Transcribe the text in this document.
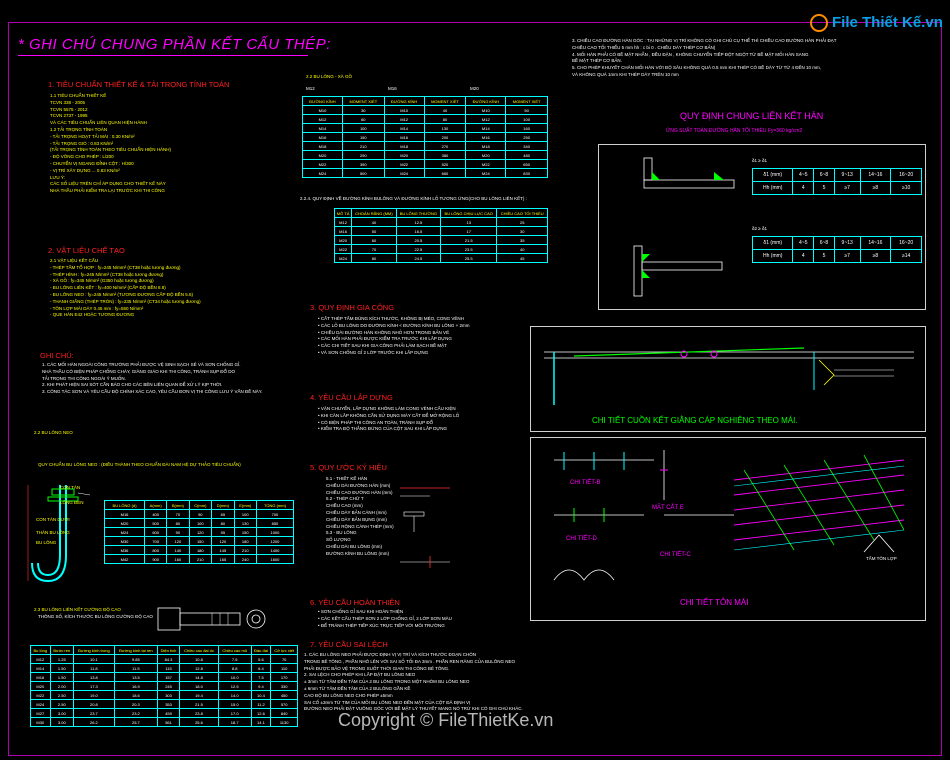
File Thiết Kế.vn
* GHI CHÚ CHUNG PHẦN KẾT CẤU THÉP:
1. TIÊU CHUẨN THIẾT KẾ & TẢI TRỌNG TÍNH TOÁN
1.1 TIÊU CHUẨN THIẾT KẾ
TCVN 338 - 2005
TCVN 5575 - 2012
TCVN 2737 - 1995
VÀ CÁC TIÊU CHUẨN LIÊN QUAN HIỆN HÀNH
1.2 TẢI TRỌNG TÍNH TOÁN
- TẢI TRỌNG HOẠT TẢI MÁI : 0.30 KN/m²
- TẢI TRỌNG GIÓ : 0.83 KN/m²
(TẢI TRỌNG TÍNH TOÁN THEO TIÊU CHUẨN HIỆN HÀNH)
- ĐỘ VÕNG CHO PHÉP : L/200
- CHUYỂN VỊ NGANG ĐỈNH CỘT : H/300
- VỊ TRÍ XÂY DỰNG ... 0.83 KN/m²
LƯU Ý:
CÁC SỐ LIỆU TRÊN CHỈ ÁP DỤNG CHO THIẾT KẾ NÀY
NHÀ THẦU PHẢI KIỂM TRA LẠI TRƯỚC KHI THI CÔNG
2. VẬT LIỆU CHẾ TẠO
2.1 VẬT LIỆU KẾT CẤU
- THÉP TẤM TỔ HỢP : fy=245 N/mm² (CT38 hoặc tương đương)
- THÉP HÌNH : fy=245 N/mm² (CT38 hoặc tương đương)
- XÀ GỒ : fy=345 N/mm² (G350 hoặc tương đương)
- BU LÔNG LIÊN KẾT : fy=400 N/mm² (CẤP ĐỘ BỀN 8.8)
- BU LÔNG NEO : fy=245 N/mm² (TƯƠNG ĐƯƠNG CẤP ĐỘ BỀN 5.6)
- THANH GIẰNG (THÉP TRÒN) : fy=235 N/mm² (CT34 hoặc tương đương)
- TÔN LỢP MÁI DÀY 0.45 mm : fy=550 N/mm²
- QUE HÀN E42 HOẶC TƯƠNG ĐƯƠNG
GHI CHÚ:
1. CÁC MỐI HÀN NGOÀI CÔNG TRƯỜNG PHẢI ĐƯỢC VỆ SINH SẠCH SẼ VÀ SƠN CHỐNG GỈ.
NHÀ THẦU CÓ BIỆN PHÁP CHỐNG CHÁY, GIÀNG GIÁO KHI THI CÔNG, TRÁNH SỤP ĐỔ DO
TẢI TRỌNG THI CÔNG NGOÀI Ý MUỐN.
2. KHI PHÁT HIỆN SAI SÓT CẦN BÁO CHO CÁC BÊN LIÊN QUAN ĐỂ XỬ LÝ KỊP THỜI.
3. CÔNG TÁC SƠN VÀ YÊU CẦU ĐỘ CHÍNH XÁC CAO, YÊU CẦU ĐƠN VỊ THI CÔNG LƯU Ý VẤN ĐỀ NÀY.
2.2 BU LÔNG NEO
QUY CHUẨN BU LÔNG NEO : (ĐIỀU THÀNH THEO CHUẨN ĐÀI NAM HỆ DỰ THẢO TIÊU CHUẨN)
CON TÁN
LÔNG ĐEN
CON TÁN DƯỚI
THÂN BU LÔNG
BU LÔNG
BU LÔNG (d)	A(mm)	B(mm)	C(mm)	D(mm)	E(mm)	TỔNG (mm)
M16	400	70	90	65	100	700
M20	500	80	100	80	130	850
M24	600	90	120	95	150	1000
M30	700	120	150	120	180	1200
M36	800	140	180	145	210	1400
M42	900	160	210	165	240	1600
2.3 BU LÔNG LIÊN KẾT CƯỜNG ĐỘ CAO
THÔNG SỐ, KÍCH THƯỚC BU LÔNG CƯỜNG ĐỘ CAO
Bu lông	Bước ren	Đường kính trong	Đường kính tại ren	Diện tích	Chiều cao đai ốc	Chiều cao mũ	Đầu đai	Cỡ lực xiết
M12	1.25	10.1	9.85	84.3	10.8	7.5	5.6	70
M14	1.50	11.8	11.5	115	12.8	8.8	6.4	110
M16	1.50	13.8	13.5	157	14.8	10.0	7.5	170
M20	2.00	17.3	16.9	245	18.0	12.5	9.4	330
M22	2.50	19.0	18.6	303	19.4	14.0	10.4	450
M24	2.50	20.8	20.3	353	21.5	15.0	11.2	570
M27	3.00	23.7	23.2	459	23.8	17.0	12.6	840
M30	3.00	26.2	25.7	561	25.6	18.7	14.1	1130
2.2 BU LÔNG - XÀ GỒ
M12	M16	M20
ĐƯỜNG KÍNH	MOMENT XIẾT	ĐƯỜNG KÍNH	MOMENT XIẾT	ĐƯỜNG KÍNH	MOMENT XIẾT
M10	30	M10	40	M10	50
M12	60	M12	80	M12	100
M14	100	M14	130	M14	160
M16	150	M16	200	M16	250
M18	210	M18	270	M18	340
M20	290	M20	380	M20	480
M22	390	M22	520	M22	650
M24	500	M24	660	M24	830
2.2.4. QUY ĐỊNH VỀ ĐƯỜNG KÍNH BULÔNG VÀ ĐƯỜNG KÍNH LỖ TƯƠNG ỨNG(CHO BU LÔNG LIÊN KẾT) :
MÔ TẢ	CHOÁN RĂNG (MM)	BU LÔNG THƯỜNG	BU LÔNG CHỊU LỰC CAO	CHIỀU CAO TỐI THIỂU
M12	40	12.5	13	25
M16	50	16.5	17	30
M20	60	20.5	21.5	35
M22	70	22.5	23.5	40
M24	80	24.5	25.5	45
3. QUY ĐỊNH GIA CÔNG
• CẮT THÉP TẤM ĐÚNG KÍCH THƯỚC, KHÔNG BỊ MÉO, CONG VÊNH
• CÁC LỖ BU LÔNG DO ĐƯỜNG KÍNH < ĐƯỜNG KÍNH BU LÔNG + 2mm
• CHIỀU DÀI ĐƯỜNG HÀN KHÔNG NHỎ HƠN TRONG BẢN VẼ
• CÁC MỐI HÀN PHẢI ĐƯỢC KIỂM TRA TRƯỚC KHI LẮP DỰNG
• CÁC CHI TIẾT SAU KHI GIA CÔNG PHẢI LÀM SẠCH BỀ MẶT
• VÀ SƠN CHỐNG GỈ 2 LỚP TRƯỚC KHI LẮP DỰNG
4. YÊU CẦU LẮP DỰNG
• VẬN CHUYỂN, LẮP DỰNG KHÔNG LÀM CONG VÊNH CẤU KIỆN
• KHI CĂN LẮP KHÔNG CẦN SỬ DỤNG MÁY CẮT ĐỂ MỞ RỘNG LỖ
• CÓ BIỆN PHÁP THI CÔNG AN TOÀN, TRÁNH SỤP ĐỔ
• KIỂM TRA ĐỘ THẲNG ĐỨNG CỦA CỘT SAU KHI LẮP DỰNG
5. QUY ƯỚC KÝ HIỆU
5.1 - THIẾT KẾ HÀN
CHIỀU DÀI ĐƯỜNG HÀN (mm)
CHIỀU CAO ĐƯỜNG HÀN (mm)
5.2 - THÉP CHỮ T
CHIỀU CAO (mm)
CHIỀU DÀY BẢN CÁNH (mm)
CHIỀU DÀY BẢN BỤNG (mm)
CHIỀU RỘNG CÁNH THÉP (mm)
5.3 - BU LÔNG
SỐ LƯỢNG
CHIỀU DÀI BU LÔNG (mm)
ĐƯỜNG KÍNH BU LÔNG (mm)
6. YÊU CẦU HOÀN THIỆN
• SƠN CHỐNG GỈ SAU KHI HOÀN THIỆN
• CÁC KẾT CẤU THÉP SƠN 2 LỚP CHỐNG GỈ, 2 LỚP SƠN MÀU
• ĐỂ TRÁNH THÉP TIẾP XÚC TRỰC TIẾP VỚI MÔI TRƯỜNG
7. YÊU CẦU SAI LỆCH
1. CÁC BU LÔNG NEO PHẢI ĐƯỢC ĐỊNH VỊ VỊ TRÍ VÀ KÍCH THƯỚC ĐOẠN CHÔN
TRONG BÊ TÔNG , PHẦN NHÔ LÊN VỚI SAI SỐ TỐI ĐA 3mm . PHẦN REN RĂNG CỦA BULÔNG NEO
PHẢI ĐƯỢC BẢO VỆ TRONG SUỐT THỜI GIAN THI CÔNG BÊ TÔNG.
2. SAI LỆCH CHO PHÉP KHI LẮP ĐẶT BU LÔNG NEO
± 3mm TỪ TÂM ĐẾN TÂM CỦA 2 BU LÔNG TRONG MỘT NHÓM BU LÔNG NEO
± 6mm TỪ TÂM ĐẾN TÂM CỦA 2 BULÔNG GẦN KỀ
CAO ĐỘ BU LÔNG NEO CHO PHÉP ±5mm
SAI CỐ ±3mm TỪ TIM CỦA MỖI BU LÔNG NEO ĐẾN MẶT CỦA CỘT ĐÃ ĐỊNH VỊ
ĐƯỜNG NEO PHẢI ĐẶT VUÔNG GÓC VỚI BỀ MẶT LÝ THUYẾT MANG NÓ TRỪ KHI CÓ GHI CHÚ KHÁC.
3. CHIỀU CAO ĐƯỜNG HÀN GÓC : TẠI NHỮNG VỊ TRÍ KHÔNG CÓ GHI CHÚ CỤ THỂ THÌ CHIỀU CAO ĐƯỜNG HÀN PHẢI ĐẠT
CHIỀU CAO TỐI THIỂU 5 mm hh : c bi 0 . CHIỀU DÀY THÉP CƠ BẢN)
4. MỐI HÀN PHẢI CÓ BỀ MẶT NHẴN , ĐỀU ĐẶN , KHÔNG CHUYỂN TIẾP ĐỘT NGỘT TỪ BỀ MẶT MỐI HÀN SANG
BỀ MẶT THÉP CƠ BẢN.
5. CHO PHÉP KHUYẾT CHÂN MỐI HÀN VỚI ĐỘ SÂU KHÔNG QUÁ 0.5 mm KHI THÉP CÓ BỀ DÀY TỪ TỪ 4 ĐẾN 10 mm,
VÀ KHÔNG QUÁ 1mm KHI THÉP DÀY TRÊN 10 mm
QUY ĐỊNH CHUNG LIÊN KẾT HÀN
ỨNG SUẤT TOÀN ĐƯỜNG HÀN TỐI THIỂU Fy=360 kg/cm2
δ1 ≥ δ1
δ1 (mm)	4~5	6~8	9~13	14~16	16~20
Hh (mm)	4	5	≥7	≥8	≥10
δ2 ≥ δ1
δ1 (mm)	4~5	6~8	9~13	14~16	16~20
Hh (mm)	4	5	≥7	≥8	≥14
CHI TIẾT CUỒN KẾT GIẰNG CÁP NGHIÊNG THEO MÁI.
CHI TIẾT-B
MẶT CẮT E
CHI TIẾT-D
CHI TIẾT-C
TẤM TÔN LỢP
CHI TIẾT TÔN MÁI
Copyright © FileThietKe.vn
